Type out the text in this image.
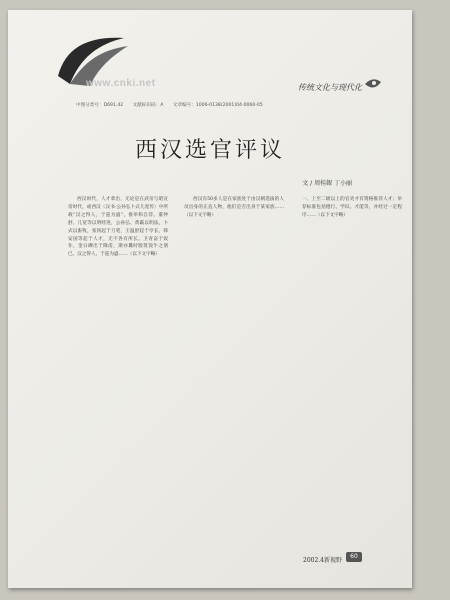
www.cnki.net	传统文化与现代化
中图分类号：D691.42 文献标识码：A 文章编号：1006-0138(2001)04-0060-05
西汉选官评议
文 / 周桂銀 丁小丽

西汉时代，人才辈出，无论是在武帝与昭宣帝时代，或西汉〈汉书·公孙弘卜式儿宽传〉中所载“汉之得人，于兹为盛”，推举和自荐。董仲舒、儿宽等以明经进，公孙弘、黄霸以明法，卜式以畜牧，张汤起于刀笔，王温舒起于亭长，韩安国等起于人才，无不各有所长。卫青奋于奴仆，金日磾出于降虏，斯亦曩时版筑饭牛之朋已。汉之得人，于兹为盛……（以下文字略）

西汉有50多人是在家族处于由汉朝选拔的人员出身的正直人物，他们是否出身于某家族……（以下文字略）

一、上至二级以上的官吏才有资格推荐人才；举荐标准包括德行、学识、才能等，并经过一定程序……（以下文字略）

2002.4新视野
60
